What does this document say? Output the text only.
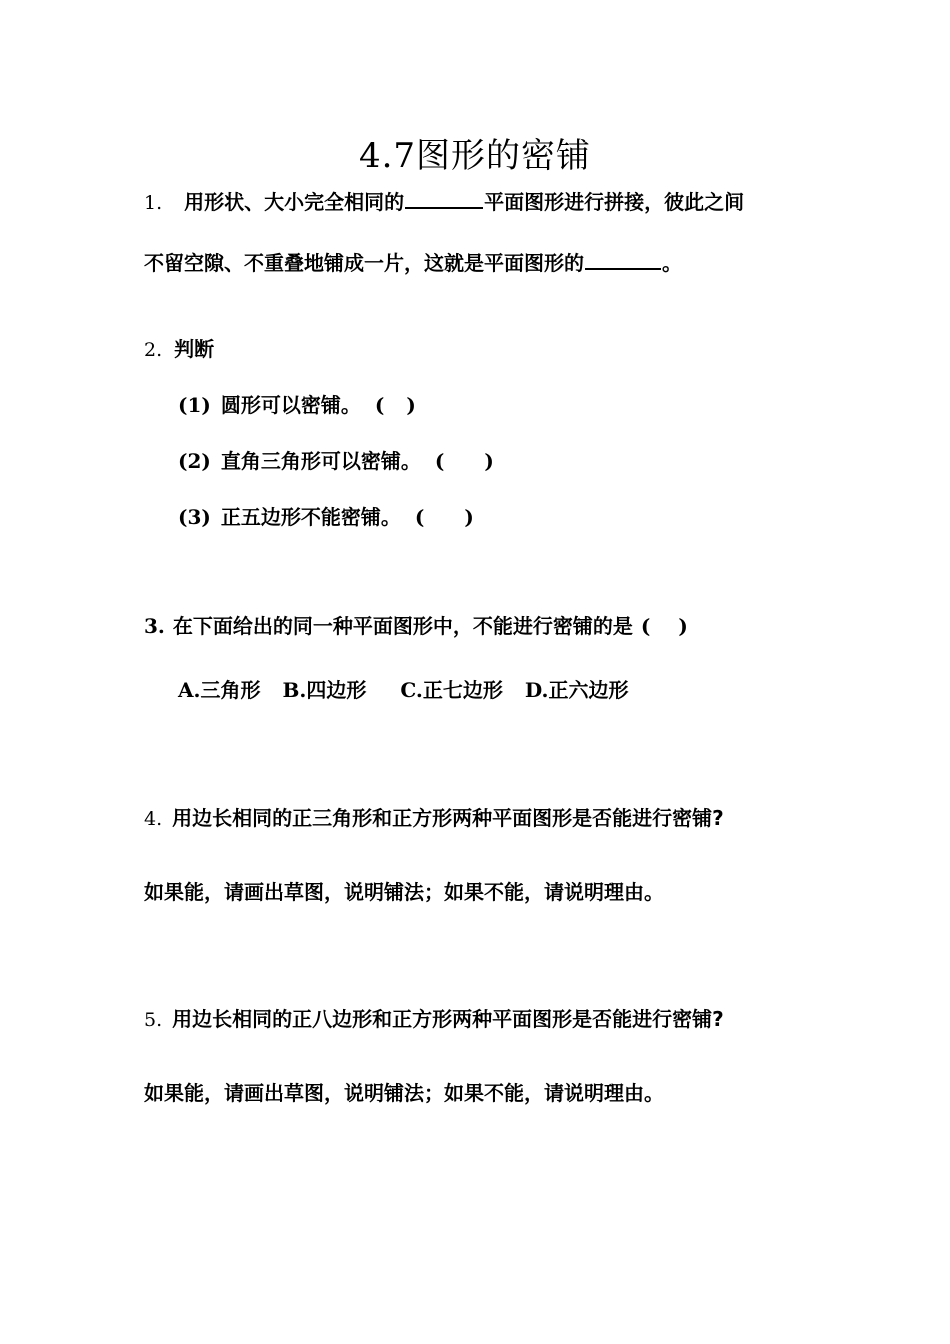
4.7图形的密铺
1. 用形状、大小完全相同的	平面图形进行拼接，彼此之间
不留空隙、不重叠地铺成一片，这就是平面图形的	。
2. 判断
(1) 圆形可以密铺。 ( )
(2) 直角三角形可以密铺。 ( )
(3) 正五边形不能密铺。 ( )
3. 在下面给出的同一种平面图形中，不能进行密铺的是 ( )
A.三角形 B.四边形 C.正七边形 D.正六边形
4. 用边长相同的正三角形和正方形两种平面图形是否能进行密铺?
如果能，请画出草图，说明铺法；如果不能，请说明理由。
5. 用边长相同的正八边形和正方形两种平面图形是否能进行密铺?
如果能，请画出草图，说明铺法；如果不能，请说明理由。
